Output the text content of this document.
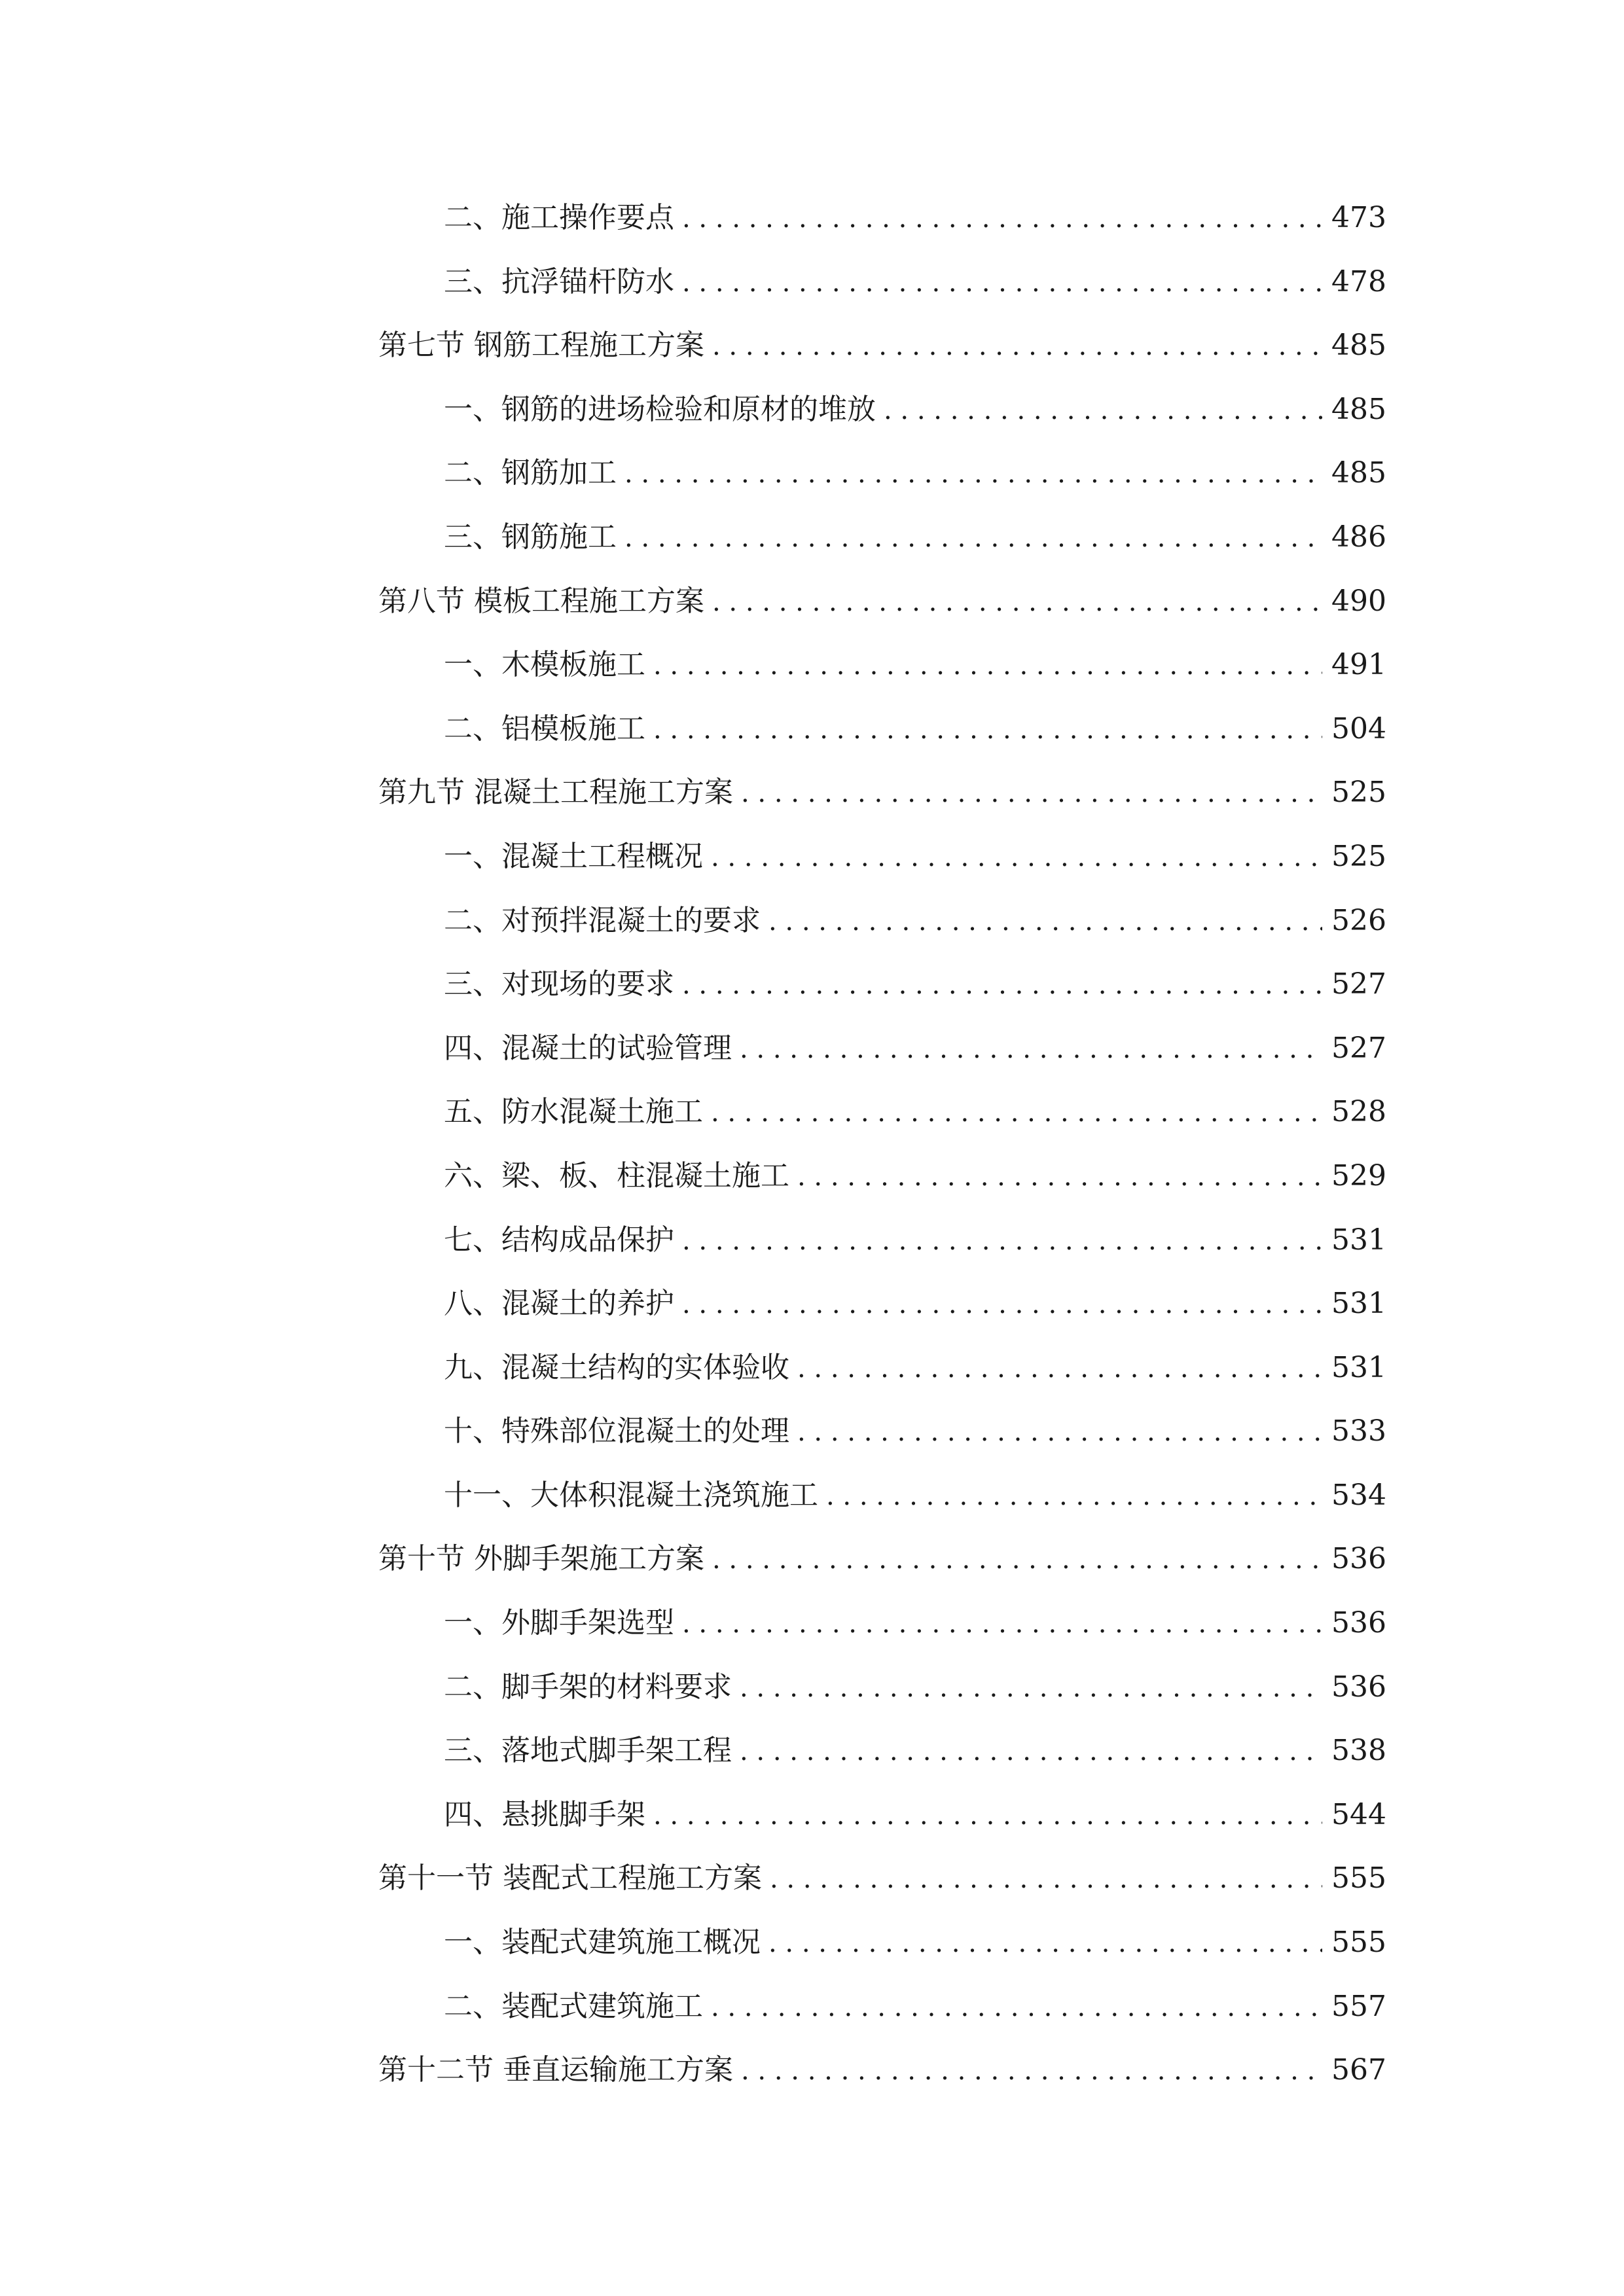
二、施工操作要点 . . .	473
三、抗浮锚杆防水 . . .	478
第七节 钢筋工程施工方案 . . .	485
一、钢筋的进场检验和原材的堆放 . . .	485
二、钢筋加工 . . .	485
三、钢筋施工 . . .	486
第八节 模板工程施工方案 . . .	490
一、木模板施工 . . .	491
二、铝模板施工 . . .	504
第九节 混凝土工程施工方案 . . .	525
一、混凝土工程概况 . . .	525
二、对预拌混凝土的要求 . . .	526
三、对现场的要求 . . .	527
四、混凝土的试验管理 . . .	527
五、防水混凝土施工 . . .	528
六、梁、板、柱混凝土施工 . . .	529
七、结构成品保护 . . .	531
八、混凝土的养护 . . .	531
九、混凝土结构的实体验收 . . .	531
十、特殊部位混凝土的处理 . . .	533
十一、大体积混凝土浇筑施工 . . .	534
第十节 外脚手架施工方案 . . .	536
一、外脚手架选型 . . .	536
二、脚手架的材料要求 . . .	536
三、落地式脚手架工程 . . .	538
四、悬挑脚手架 . . .	544
第十一节 装配式工程施工方案 . . .	555
一、装配式建筑施工概况 . . .	555
二、装配式建筑施工 . . .	557
第十二节 垂直运输施工方案 . . .	567
